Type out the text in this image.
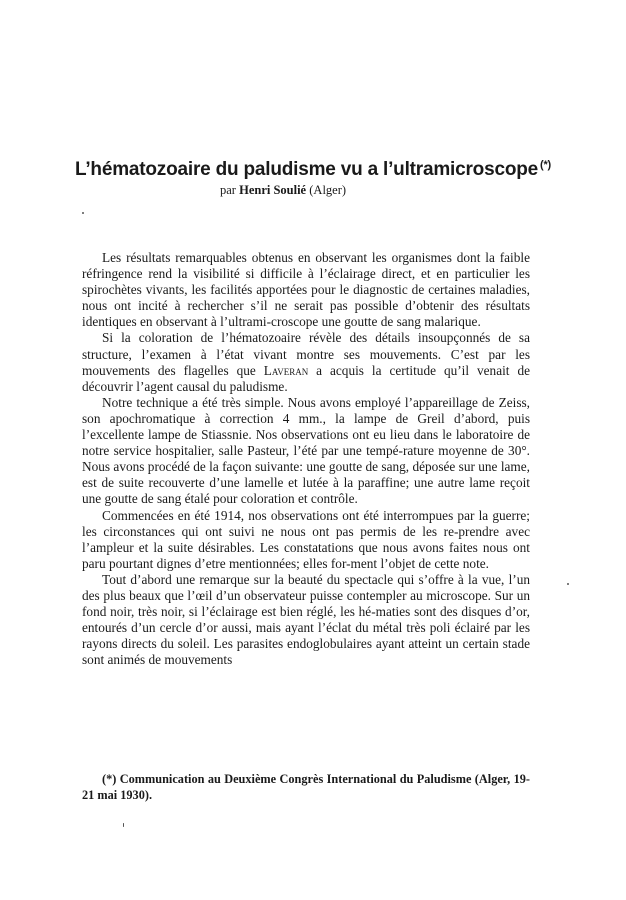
L’hématozoaire du paludisme vu a l’ultramicroscope (*)
par Henri Soulié (Alger)

Les résultats remarquables obtenus en observant les organismes dont la faible réfringence rend la visibilité si difficile à l’éclairage direct, et en particulier les spirochètes vivants, les facilités apportées pour le diagnostic de certaines maladies, nous ont incité à rechercher s’il ne serait pas possible d’obtenir des résultats identiques en observant à l’ultrami-croscope une goutte de sang malarique.

Si la coloration de l’hématozoaire révèle des détails insoupçonnés de sa structure, l’examen à l’état vivant montre ses mouvements. C’est par les mouvements des flagelles que Laveran a acquis la certitude qu’il venait de découvrir l’agent causal du paludisme.

Notre technique a été très simple. Nous avons employé l’appareillage de Zeiss, son apochromatique à correction 4 mm., la lampe de Greil d’abord, puis l’excellente lampe de Stiassnie. Nos observations ont eu lieu dans le laboratoire de notre service hospitalier, salle Pasteur, l’été par une tempé-rature moyenne de 30°. Nous avons procédé de la façon suivante: une goutte de sang, déposée sur une lame, est de suite recouverte d’une lamelle et lutée à la paraffine; une autre lame reçoit une goutte de sang étalé pour coloration et contrôle.

Commencées en été 1914, nos observations ont été interrompues par la guerre; les circonstances qui ont suivi ne nous ont pas permis de les re-prendre avec l’ampleur et la suite désirables. Les constatations que nous avons faites nous ont paru pourtant dignes d’etre mentionnées; elles for-ment l’objet de cette note.

Tout d’abord une remarque sur la beauté du spectacle qui s’offre à la vue, l’un des plus beaux que l’œil d’un observateur puisse contempler au microscope. Sur un fond noir, très noir, si l’éclairage est bien réglé, les hé-maties sont des disques d’or, entourés d’un cercle d’or aussi, mais ayant l’éclat du métal très poli éclairé par les rayons directs du soleil. Les parasites endoglobulaires ayant atteint un certain stade sont animés de mouvements

(*) Communication au Deuxième Congrès International du Paludisme (Alger, 19-21 mai 1930).
